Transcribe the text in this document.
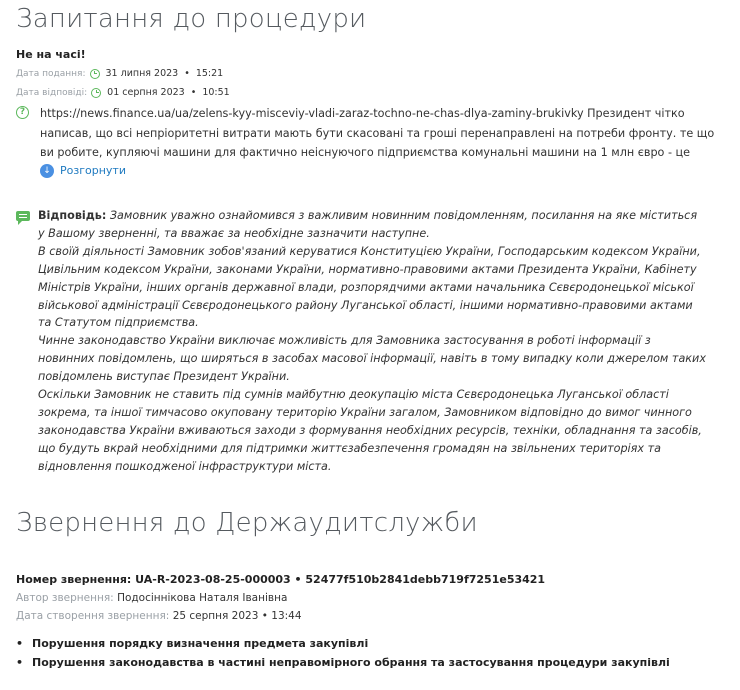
Запитання до процедури
Не на часі!
Дата подання: 31 липня 2023 • 15:21
Дата відповіді: 01 серпня 2023 • 10:51
?	https://news.finance.ua/ua/zelens-kyy-misceviy-vladi-zaraz-tochno-ne-chas-dlya-zaminy-brukivky Президент чітко написав, що всі непріоритетні витрати мають бути скасовані та гроші перенаправлені на потреби фронту. те що ви робите, купляючі машини для фактично неіснуючого підприємства комунальні машини на 1 млн євро - це
↓ Розгорнути

Відповідь: Замовник уважно ознайомився з важливим новинним повідомленням, посилання на яке міститься у Вашому зверненні, та вважає за необхідне зазначити наступне.

В своїй діяльності Замовник зобов'язаний керуватися Конституцією України, Господарським кодексом України, Цивільним кодексом України, законами України, нормативно-правовими актами Президента України, Кабінету Міністрів України, інших органів державної влади, розпорядчими актами начальника Сєвєродонецької міської військової адміністрації Сєвєродонецького району Луганської області, іншими нормативно-правовими актами та Статутом підприємства.

Чинне законодавство України виключає можливість для Замовника застосування в роботі інформації з новинних повідомлень, що ширяться в засобах масової інформації, навіть в тому випадку коли джерелом таких повідомлень виступає Президент України.

Оскільки Замовник не ставить під сумнів майбутню деокупацію міста Сєвєродонецька Луганської області зокрема, та іншої тимчасово окуповану територію України загалом, Замовником відповідно до вимог чинного законодавства України вживаються заходи з формування необхідних ресурсів, техніки, обладнання та засобів, що будуть вкрай необхідними для підтримки життєзабезпечення громадян на звільнених територіях та відновлення пошкодженої інфраструктури міста.

Звернення до Держаудитслужби
Номер звернення: UA-R-2023-08-25-000003 • 52477f510b2841debb719f7251e53421
Автор звернення: Подосіннікова Наталя Іванівна
Дата створення звернення: 25 серпня 2023 • 13:44
• Порушення порядку визначення предмета закупівлі
• Порушення законодавства в частині неправомірного обрання та застосування процедури закупівлі
